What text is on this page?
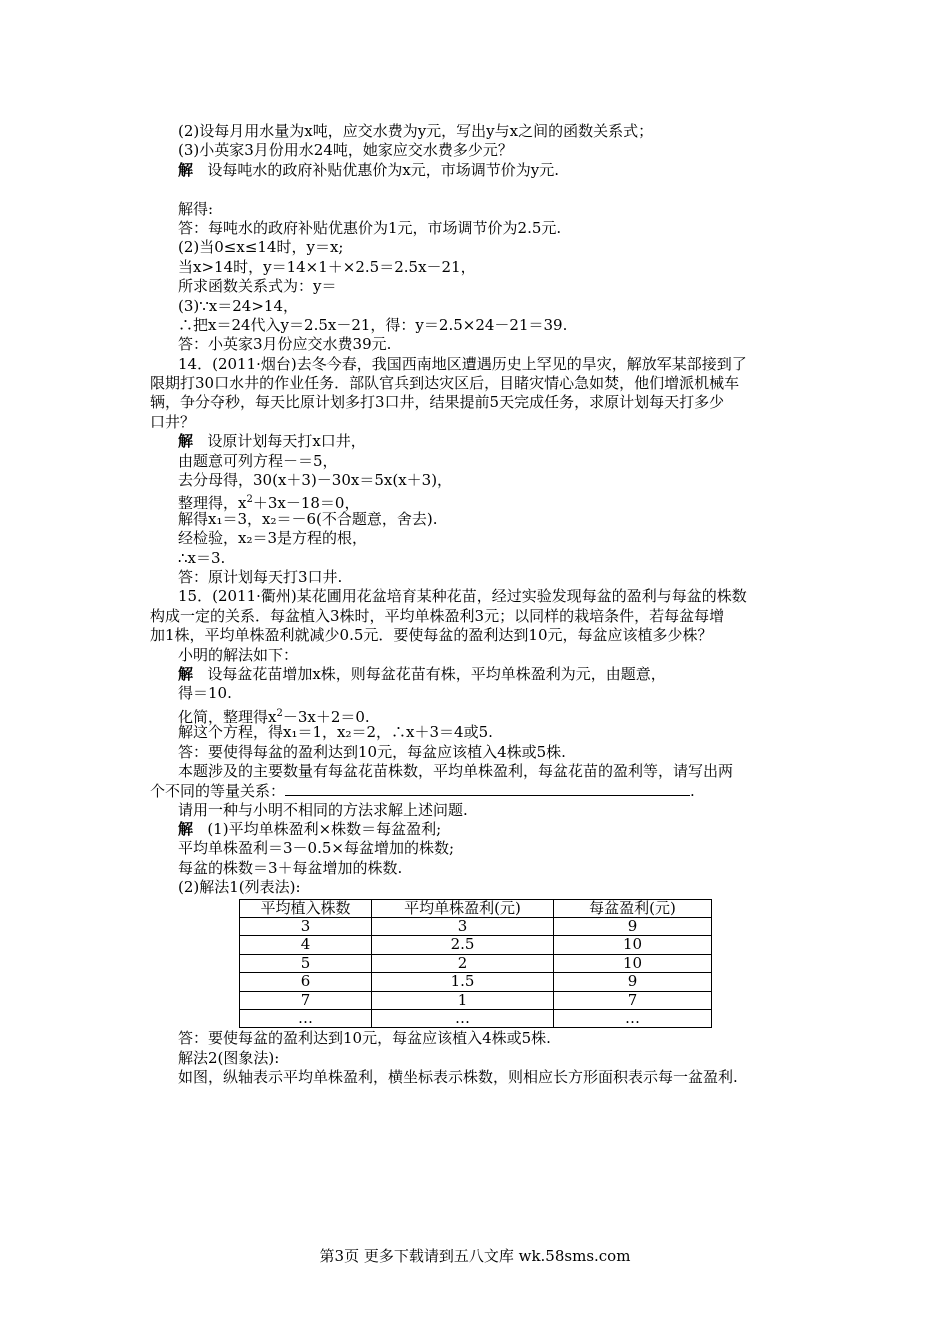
(2)设每月用水量为x吨，应交水费为y元，写出y与x之间的函数关系式；
(3)小英家3月份用水24吨，她家应交水费多少元？
解 设每吨水的政府补贴优惠价为x元，市场调节价为y元.
解得:
答：每吨水的政府补贴优惠价为1元，市场调节价为2.5元.
(2)当0≤x≤14时，y＝x;
当x>14时，y＝14×1＋×2.5＝2.5x－21，
所求函数关系式为：y＝
(3)∵x＝24>14，
∴把x＝24代入y＝2.5x－21，得：y＝2.5×24－21＝39.
答：小英家3月份应交水费39元.
14．(2011·烟台)去冬今春，我国西南地区遭遇历史上罕见的旱灾，解放军某部接到了
限期打30口水井的作业任务．部队官兵到达灾区后，目睹灾情心急如焚，他们增派机械车
辆，争分夺秒，每天比原计划多打3口井，结果提前5天完成任务，求原计划每天打多少
口井？
解 设原计划每天打x口井，
由题意可列方程－＝5，
去分母得，30(x＋3)－30x＝5x(x＋3)，
整理得，$x^2+3x-18=0$，
解得x₁＝3，x₂＝－6(不合题意，舍去).
经检验，x₂＝3是方程的根，
∴x＝3.
答：原计划每天打3口井.
15．(2011·衢州)某花圃用花盆培育某种花苗，经过实验发现每盆的盈利与每盆的株数
构成一定的关系．每盆植入3株时，平均单株盈利3元；以同样的栽培条件，若每盆每增
加1株，平均单株盈利就减少0.5元．要使每盆的盈利达到10元，每盆应该植多少株？
小明的解法如下：
解 设每盆花苗增加x株，则每盆花苗有株，平均单株盈利为元，由题意，
得＝10.
化简，整理得$x^2-3x+2=0$.
解这个方程，得x₁＝1，x₂＝2，∴x＋3＝4或5.
答：要使得每盆的盈利达到10元，每盆应该植入4株或5株.
本题涉及的主要数量有每盆花苗株数，平均单株盈利，每盆花苗的盈利等，请写出两
个不同的等量关系：	.
请用一种与小明不相同的方法求解上述问题.
解 (1)平均单株盈利×株数＝每盆盈利;
平均单株盈利＝3－0.5×每盆增加的株数;
每盆的株数＝3＋每盆增加的株数.
(2)解法1(列表法):
平均植入株数	平均单株盈利(元)	每盆盈利(元)
3	3	9
4	2.5	10
5	2	10
6	1.5	9
7	1	7
…	…	…
答：要使每盆的盈利达到10元，每盆应该植入4株或5株.
解法2(图象法):
如图，纵轴表示平均单株盈利，横坐标表示株数，则相应长方形面积表示每一盆盈利.
第3页 更多下载请到五八文库 wk.58sms.com
